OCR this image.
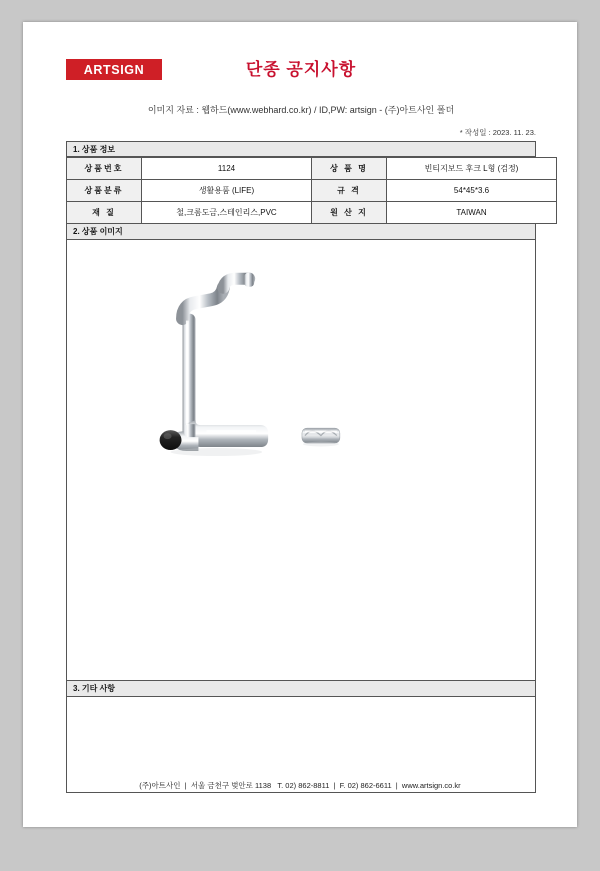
ARTSIGN	단종 공지사항
이미지 자료 : 웹하드(www.webhard.co.kr) / ID,PW: artsign - (주)아트사인 폴더
* 작성일 : 2023. 11. 23.
1. 상품 정보
상품번호	1124	상 품 명	빈티지보드 후크 L형 (검정)
상품분류	생활용품 (LIFE)	규 격	54*45*3.6
재 질	철,크롬도금,스테인리스,PVC	원 산 지	TAIWAN
2. 상품 이미지
3. 기타 사항
(주)아트사인  |  서울 금천구 벚안로 1138   T. 02) 862-8811  |  F. 02) 862-6611  |  www.artsign.co.kr
